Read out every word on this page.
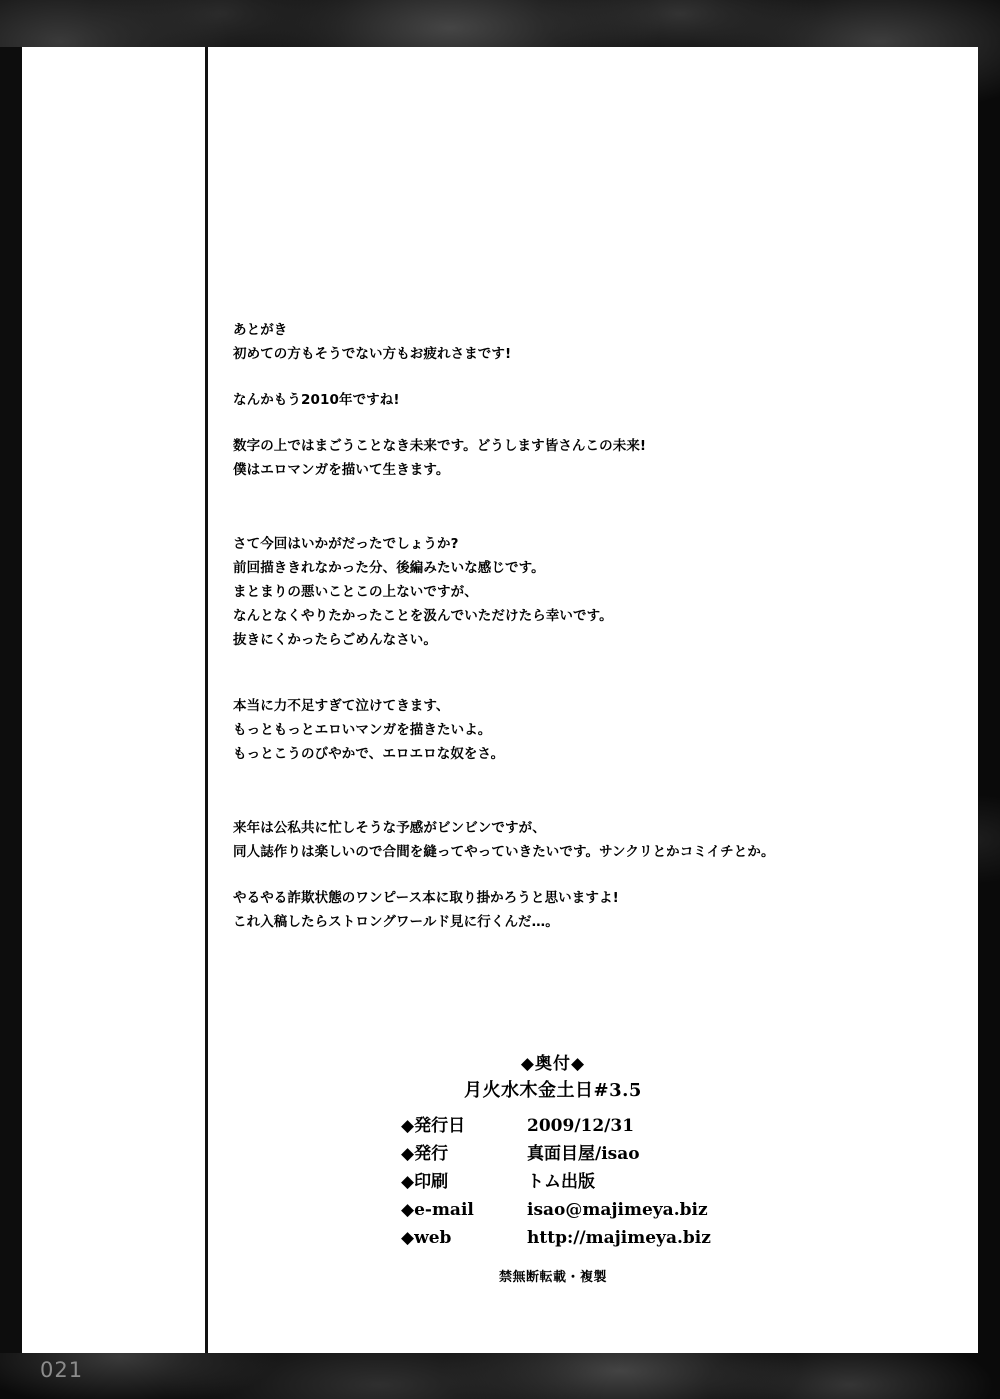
あとがき

初めての方もそうでない方もお疲れさまです!

なんかもう2010年ですね!

数字の上ではまごうことなき未来です。どうします皆さんこの未来!

僕はエロマンガを描いて生きます。

さて今回はいかがだったでしょうか?

前回描ききれなかった分、後編みたいな感じです。

まとまりの悪いことこの上ないですが、

なんとなくやりたかったことを汲んでいただけたら幸いです。

抜きにくかったらごめんなさい。

本当に力不足すぎて泣けてきます、

もっともっとエロいマンガを描きたいよ。

もっとこうのびやかで、エロエロな奴をさ。

来年は公私共に忙しそうな予感がビンビンですが、

同人誌作りは楽しいので合間を縫ってやっていきたいです。サンクリとかコミイチとか。

やるやる詐欺状態のワンピース本に取り掛かろうと思いますよ!

これ入稿したらストロングワールド見に行くんだ…。

◆奥付◆
月火水木金土日#3.5
◆発行日	2009/12/31
◆発行	真面目屋/isao
◆印刷	トム出版
◆e-mail	isao@majimeya.biz
◆web	http://majimeya.biz
禁無断転載・複製
021
